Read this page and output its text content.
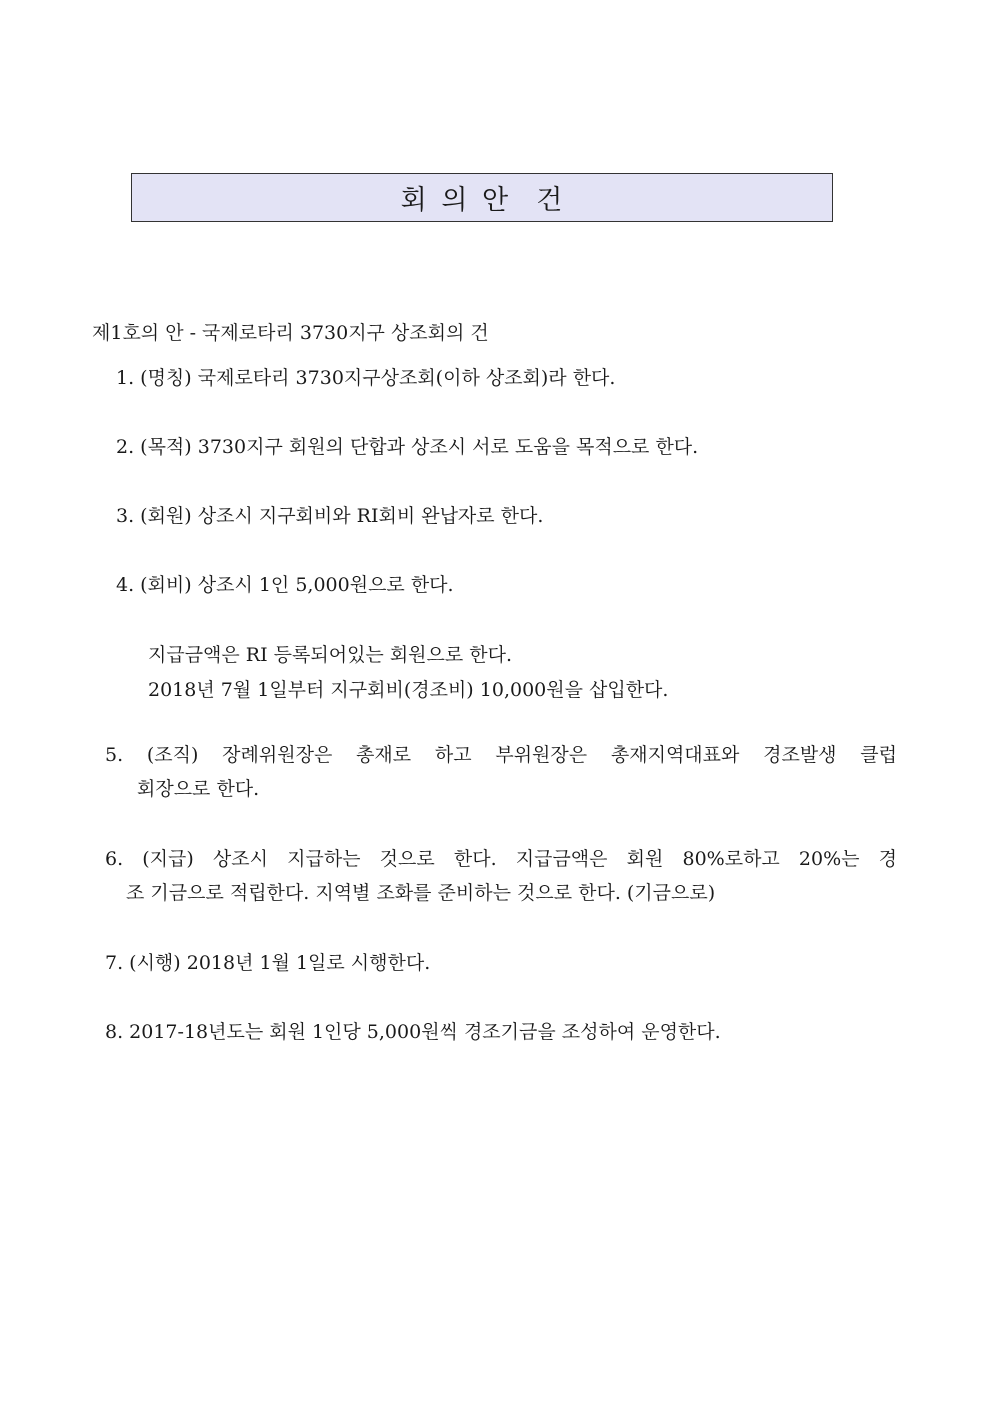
회 의 안  건
제1호의 안 - 국제로타리 3730지구 상조회의 건
1. (명칭) 국제로타리 3730지구상조회(이하 상조회)라 한다.
2. (목적) 3730지구 회원의 단합과 상조시 서로 도움을 목적으로 한다.
3. (회원) 상조시 지구회비와 RI회비 완납자로 한다.
4. (회비) 상조시 1인 5,000원으로 한다.
지급금액은 RI 등록되어있는 회원으로 한다.
2018년 7월 1일부터 지구회비(경조비) 10,000원을 삽입한다.
5. (조직) 장례위원장은 총재로 하고 부위원장은 총재지역대표와 경조발생 클럽
회장으로 한다.
6. (지급) 상조시 지급하는 것으로 한다. 지급금액은 회원 80%로하고 20%는 경
조 기금으로 적립한다. 지역별 조화를 준비하는 것으로 한다. (기금으로)
7. (시행) 2018년 1월 1일로 시행한다.
8. 2017-18년도는 회원 1인당 5,000원씩 경조기금을 조성하여 운영한다.
